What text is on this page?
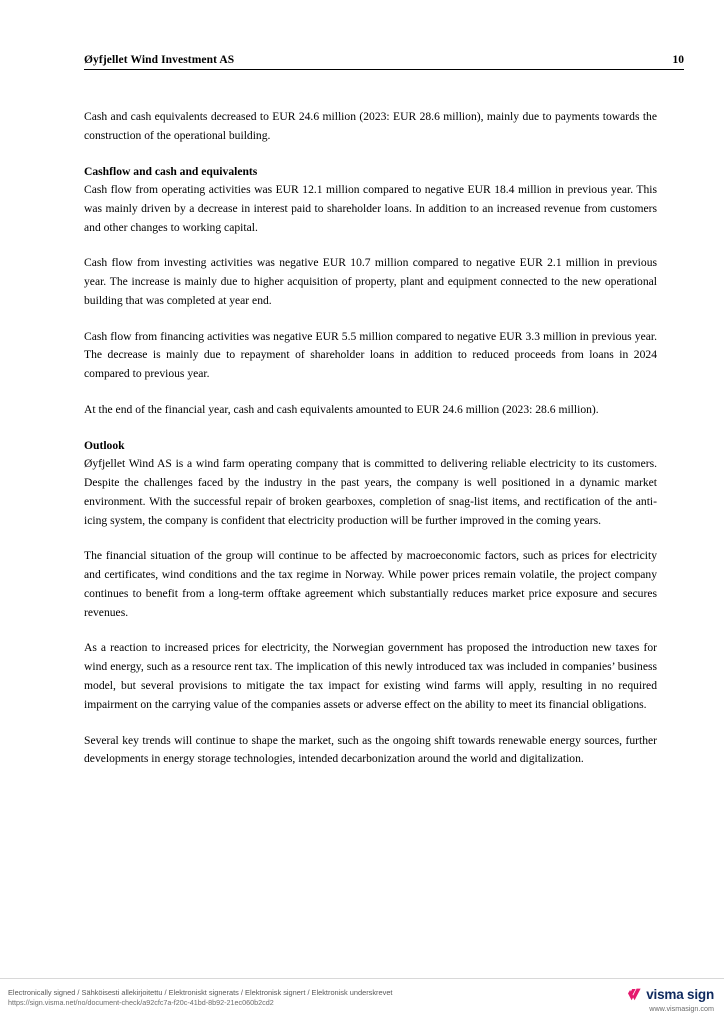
Øyfjellet Wind Investment AS	10

Cash and cash equivalents decreased to EUR 24.6 million (2023: EUR 28.6 million), mainly due to payments towards the construction of the operational building.

Cashflow and cash and equivalents

Cash flow from operating activities was EUR 12.1 million compared to negative EUR 18.4 million in previous year. This was mainly driven by a decrease in interest paid to shareholder loans. In addition to an increased revenue from customers and other changes to working capital.

Cash flow from investing activities was negative EUR 10.7 million compared to negative EUR 2.1 million in previous year. The increase is mainly due to higher acquisition of property, plant and equipment connected to the new operational building that was completed at year end.

Cash flow from financing activities was negative EUR 5.5 million compared to negative EUR 3.3 million in previous year. The decrease is mainly due to repayment of shareholder loans in addition to reduced proceeds from loans in 2024 compared to previous year.

At the end of the financial year, cash and cash equivalents amounted to EUR 24.6 million (2023: 28.6 million).

Outlook

Øyfjellet Wind AS is a wind farm operating company that is committed to delivering reliable electricity to its customers. Despite the challenges faced by the industry in the past years, the company is well positioned in a dynamic market environment. With the successful repair of broken gearboxes, completion of snag-list items, and rectification of the anti-icing system, the company is confident that electricity production will be further improved in the coming years.

The financial situation of the group will continue to be affected by macroeconomic factors, such as prices for electricity and certificates, wind conditions and the tax regime in Norway. While power prices remain volatile, the project company continues to benefit from a long-term offtake agreement which substantially reduces market price exposure and secures revenues.

As a reaction to increased prices for electricity, the Norwegian government has proposed the introduction new taxes for wind energy, such as a resource rent tax. The implication of this newly introduced tax was included in companies’ business model, but several provisions to mitigate the tax impact for existing wind farms will apply, resulting in no required impairment on the carrying value of the companies assets or adverse effect on the ability to meet its financial obligations.

Several key trends will continue to shape the market, such as the ongoing shift towards renewable energy sources, further developments in energy storage technologies, intended decarbonization around the world and digitalization.

Electronically signed / Sähköisesti allekirjoitettu / Elektroniskt signerats / Elektronisk signert / Elektronisk underskrevet
https://sign.visma.net/no/document-check/a92cfc7a-f20c-41bd-8b92-21ec060b2cd2
visma sign
www.vismasign.com
